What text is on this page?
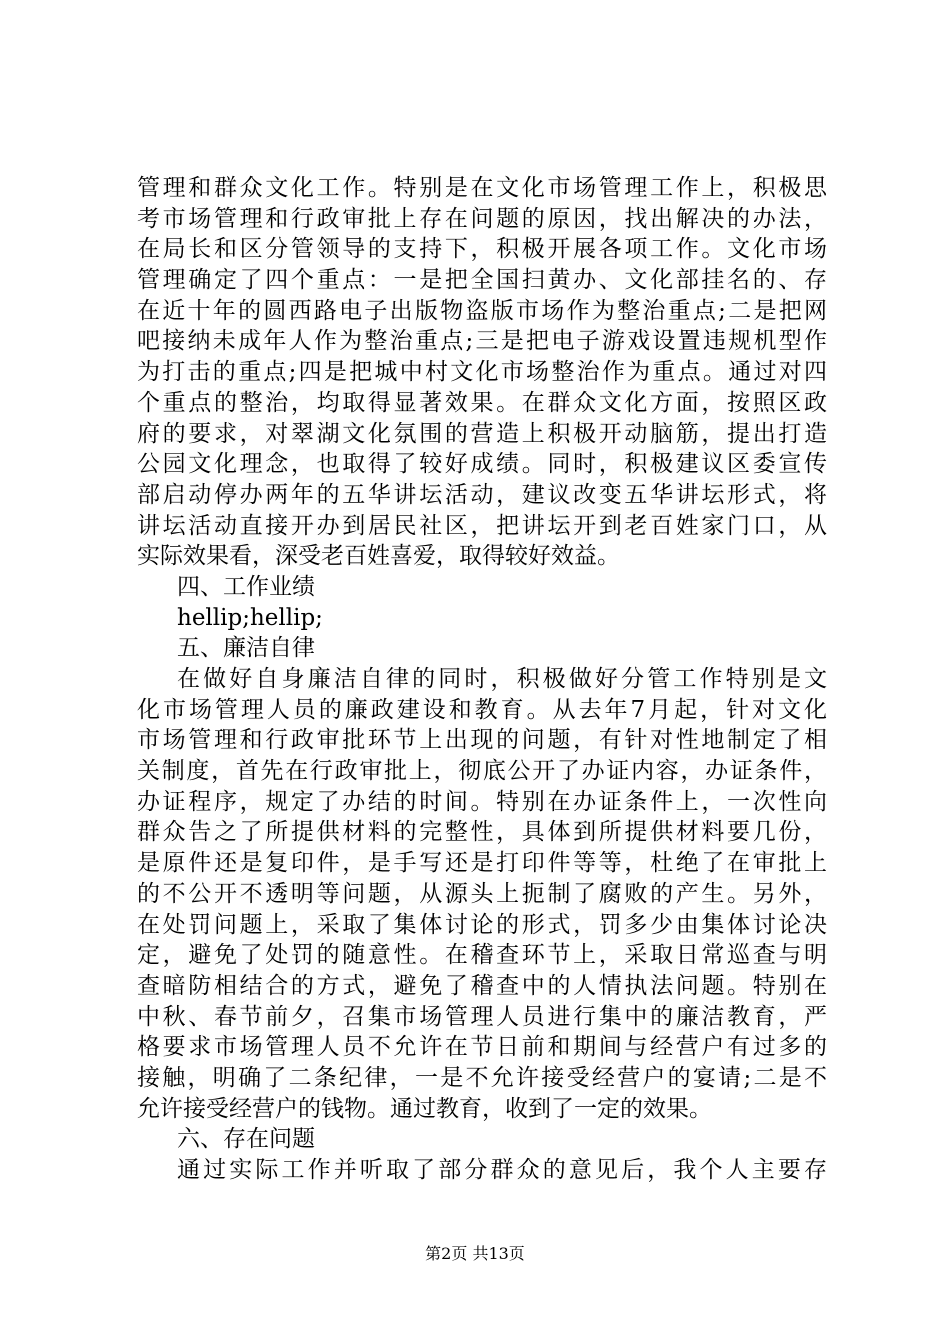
管理和群众文化工作。特别是在文化市场管理工作上，积极思
考市场管理和行政审批上存在问题的原因，找出解决的办法，
在局长和区分管领导的支持下，积极开展各项工作。文化市场
管理确定了四个重点：一是把全国扫黄办、文化部挂名的、存
在近十年的圆西路电子出版物盗版市场作为整治重点;二是把网
吧接纳未成年人作为整治重点;三是把电子游戏设置违规机型作
为打击的重点;四是把城中村文化市场整治作为重点。通过对四
个重点的整治，均取得显著效果。在群众文化方面，按照区政
府的要求，对翠湖文化氛围的营造上积极开动脑筋，提出打造
公园文化理念，也取得了较好成绩。同时，积极建议区委宣传
部启动停办两年的五华讲坛活动，建议改变五华讲坛形式，将
讲坛活动直接开办到居民社区，把讲坛开到老百姓家门口，从
实际效果看，深受老百姓喜爱，取得较好效益。
四、工作业绩
hellip;hellip;
五、廉洁自律
在做好自身廉洁自律的同时，积极做好分管工作特别是文
化市场管理人员的廉政建设和教育。从去年7月起，针对文化
市场管理和行政审批环节上出现的问题，有针对性地制定了相
关制度，首先在行政审批上，彻底公开了办证内容，办证条件，
办证程序，规定了办结的时间。特别在办证条件上，一次性向
群众告之了所提供材料的完整性，具体到所提供材料要几份，
是原件还是复印件，是手写还是打印件等等，杜绝了在审批上
的不公开不透明等问题，从源头上扼制了腐败的产生。另外，
在处罚问题上，采取了集体讨论的形式，罚多少由集体讨论决
定，避免了处罚的随意性。在稽查环节上，采取日常巡查与明
查暗防相结合的方式，避免了稽查中的人情执法问题。特别在
中秋、春节前夕，召集市场管理人员进行集中的廉洁教育，严
格要求市场管理人员不允许在节日前和期间与经营户有过多的
接触，明确了二条纪律，一是不允许接受经营户的宴请;二是不
允许接受经营户的钱物。通过教育，收到了一定的效果。
六、存在问题
通过实际工作并听取了部分群众的意见后，我个人主要存
第2页 共13页
